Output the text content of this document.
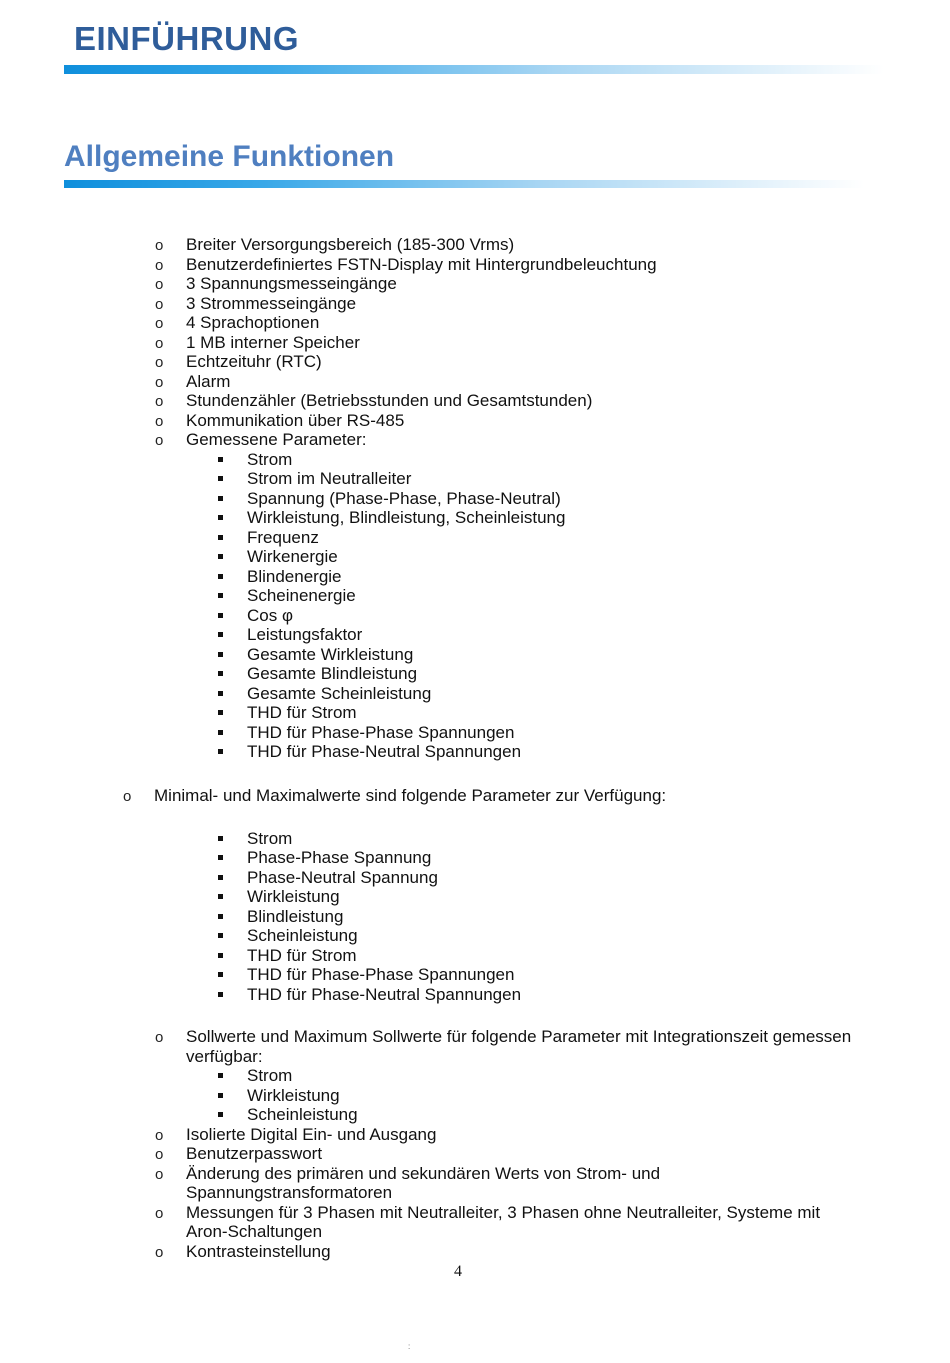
EINFÜHRUNG
Allgemeine Funktionen
o Breiter Versorgungsbereich (185-300 Vrms)
o Benutzerdefiniertes FSTN-Display mit Hintergrundbeleuchtung
o 3 Spannungsmesseingänge
o 3 Strommesseingänge
o 4 Sprachoptionen
o 1 MB interner Speicher
o Echtzeituhr (RTC)
o Alarm
o Stundenzähler (Betriebsstunden und Gesamtstunden)
o Kommunikation über RS-485
o Gemessene Parameter:
Strom
Strom im Neutralleiter
Spannung (Phase-Phase, Phase-Neutral)
Wirkleistung, Blindleistung, Scheinleistung
Frequenz
Wirkenergie
Blindenergie
Scheinenergie
Cos φ
Leistungsfaktor
Gesamte Wirkleistung
Gesamte Blindleistung
Gesamte Scheinleistung
THD für Strom
THD für Phase-Phase Spannungen
THD für Phase-Neutral Spannungen
o Minimal- und Maximalwerte sind folgende Parameter zur Verfügung:
Strom
Phase-Phase Spannung
Phase-Neutral Spannung
Wirkleistung
Blindleistung
Scheinleistung
THD für Strom
THD für Phase-Phase Spannungen
THD für Phase-Neutral Spannungen
o Sollwerte und Maximum Sollwerte für folgende Parameter mit Integrationszeit gemessen
verfügbar:
Strom
Wirkleistung
Scheinleistung
o Isolierte Digital Ein- und Ausgang
o Benutzerpasswort
o Änderung des primären und sekundären Werts von Strom- und
Spannungstransformatoren
o Messungen für 3 Phasen mit Neutralleiter, 3 Phasen ohne Neutralleiter, Systeme mit
Aron-Schaltungen
o Kontrasteinstellung
4
:
